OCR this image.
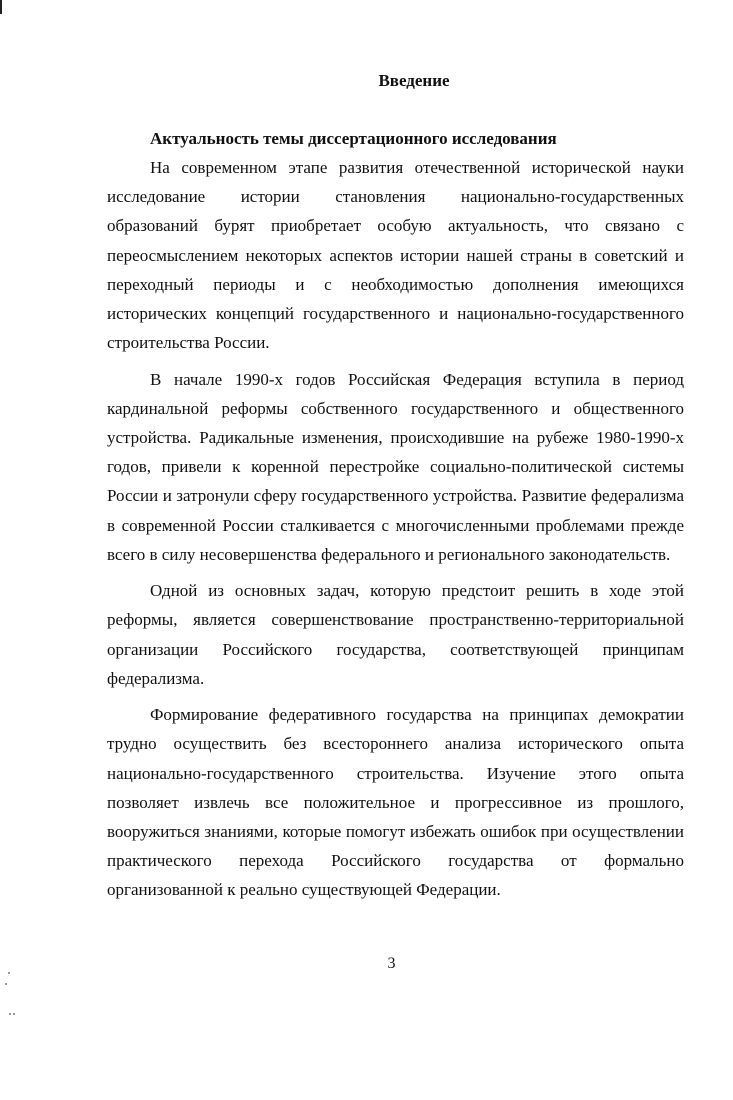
Введение
Актуальность темы диссертационного исследования

На современном этапе развития отечественной исторической науки исследование истории становления национально-государственных образований бурят приобретает особую актуальность, что связано с переосмыслением некоторых аспектов истории нашей страны в советский и переходный периоды и с необходимостью дополнения имеющихся исторических концепций государственного и национально-государственного строительства России.

В начале 1990-х годов Российская Федерация вступила в период кардинальной реформы собственного государственного и общественного устройства. Радикальные изменения, происходившие на рубеже 1980-1990-х годов, привели к коренной перестройке социально-политической системы России и затронули сферу государственного устройства. Развитие федерализма в современной России сталкивается с многочисленными проблемами прежде всего в силу несовершенства федерального и регионального законодательств.

Одной из основных задач, которую предстоит решить в ходе этой реформы, является совершенствование пространственно-территориальной организации Российского государства, соответствующей принципам федерализма.

Формирование федеративного государства на принципах демократии трудно осуществить без всестороннего анализа исторического опыта национально-государственного строительства. Изучение этого опыта позволяет извлечь все положительное и прогрессивное из прошлого, вооружиться знаниями, которые помогут избежать ошибок при осуществлении практического перехода Российского государства от формально организованной к реально существующей Федерации.

3
